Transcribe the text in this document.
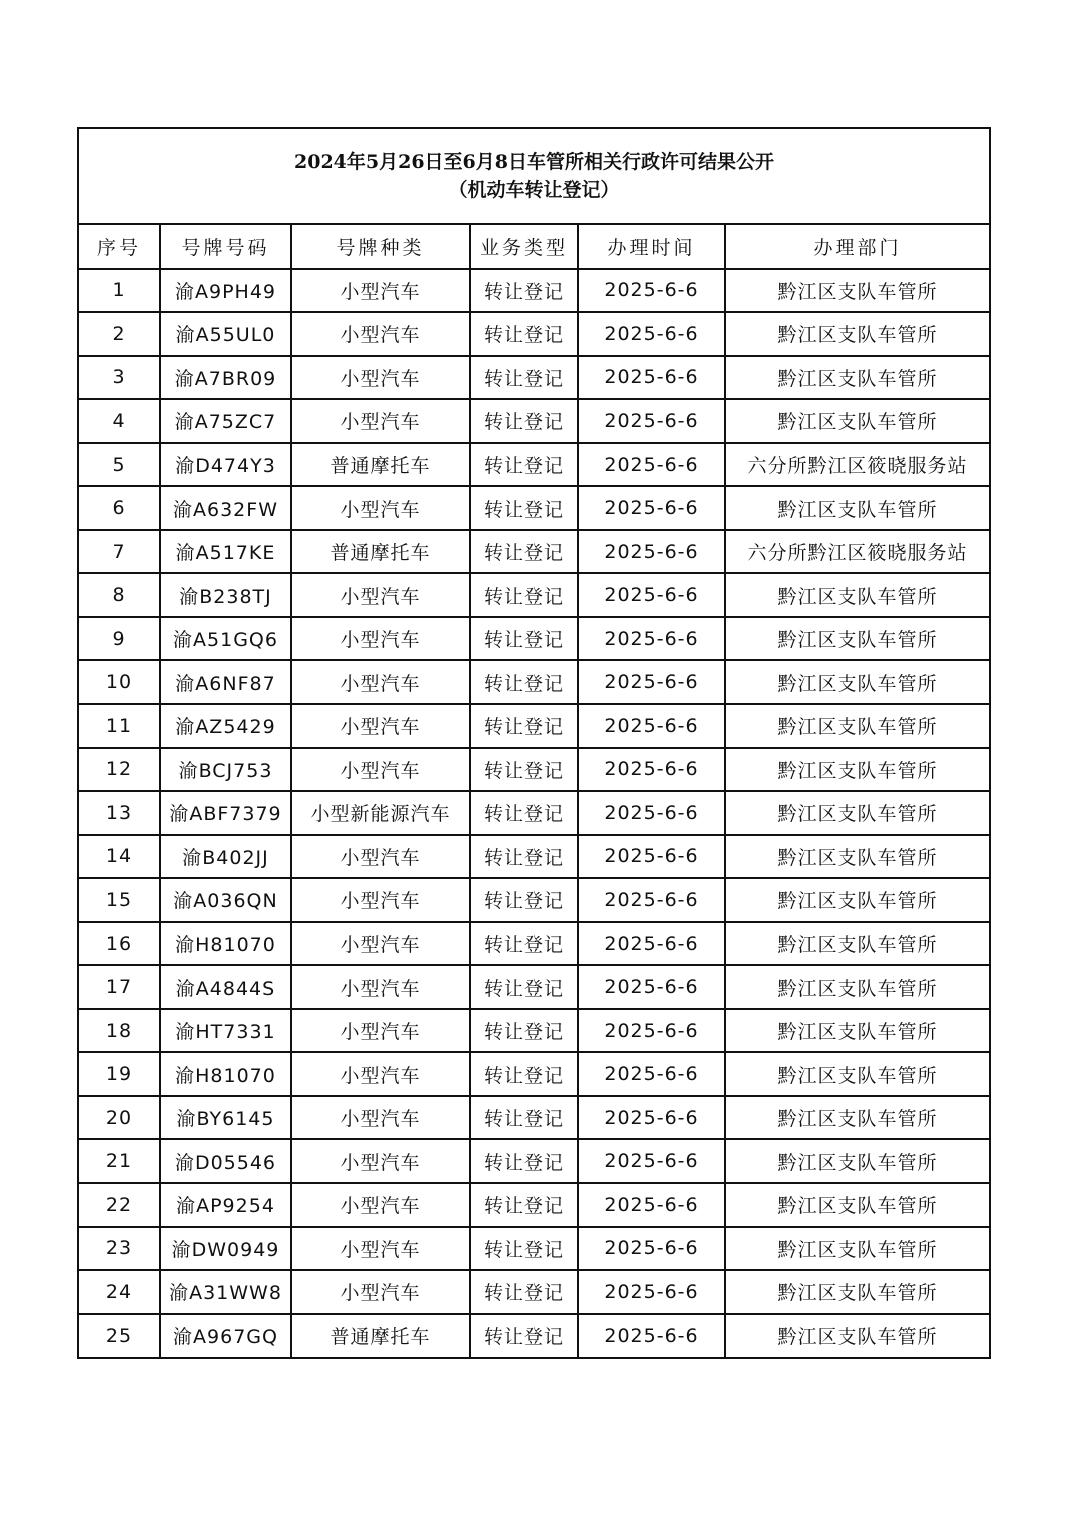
2024年5月26日至6月8日车管所相关行政许可结果公开
（机动车转让登记）
序号	号牌号码	号牌种类	业务类型	办理时间	办理部门
1	渝A9PH49	小型汽车	转让登记	2025-6-6	黔江区支队车管所
2	渝A55UL0	小型汽车	转让登记	2025-6-6	黔江区支队车管所
3	渝A7BR09	小型汽车	转让登记	2025-6-6	黔江区支队车管所
4	渝A75ZC7	小型汽车	转让登记	2025-6-6	黔江区支队车管所
5	渝D474Y3	普通摩托车	转让登记	2025-6-6	六分所黔江区筱晓服务站
6	渝A632FW	小型汽车	转让登记	2025-6-6	黔江区支队车管所
7	渝A517KE	普通摩托车	转让登记	2025-6-6	六分所黔江区筱晓服务站
8	渝B238TJ	小型汽车	转让登记	2025-6-6	黔江区支队车管所
9	渝A51GQ6	小型汽车	转让登记	2025-6-6	黔江区支队车管所
10	渝A6NF87	小型汽车	转让登记	2025-6-6	黔江区支队车管所
11	渝AZ5429	小型汽车	转让登记	2025-6-6	黔江区支队车管所
12	渝BCJ753	小型汽车	转让登记	2025-6-6	黔江区支队车管所
13	渝ABF7379	小型新能源汽车	转让登记	2025-6-6	黔江区支队车管所
14	渝B402JJ	小型汽车	转让登记	2025-6-6	黔江区支队车管所
15	渝A036QN	小型汽车	转让登记	2025-6-6	黔江区支队车管所
16	渝H81070	小型汽车	转让登记	2025-6-6	黔江区支队车管所
17	渝A4844S	小型汽车	转让登记	2025-6-6	黔江区支队车管所
18	渝HT7331	小型汽车	转让登记	2025-6-6	黔江区支队车管所
19	渝H81070	小型汽车	转让登记	2025-6-6	黔江区支队车管所
20	渝BY6145	小型汽车	转让登记	2025-6-6	黔江区支队车管所
21	渝D05546	小型汽车	转让登记	2025-6-6	黔江区支队车管所
22	渝AP9254	小型汽车	转让登记	2025-6-6	黔江区支队车管所
23	渝DW0949	小型汽车	转让登记	2025-6-6	黔江区支队车管所
24	渝A31WW8	小型汽车	转让登记	2025-6-6	黔江区支队车管所
25	渝A967GQ	普通摩托车	转让登记	2025-6-6	黔江区支队车管所
